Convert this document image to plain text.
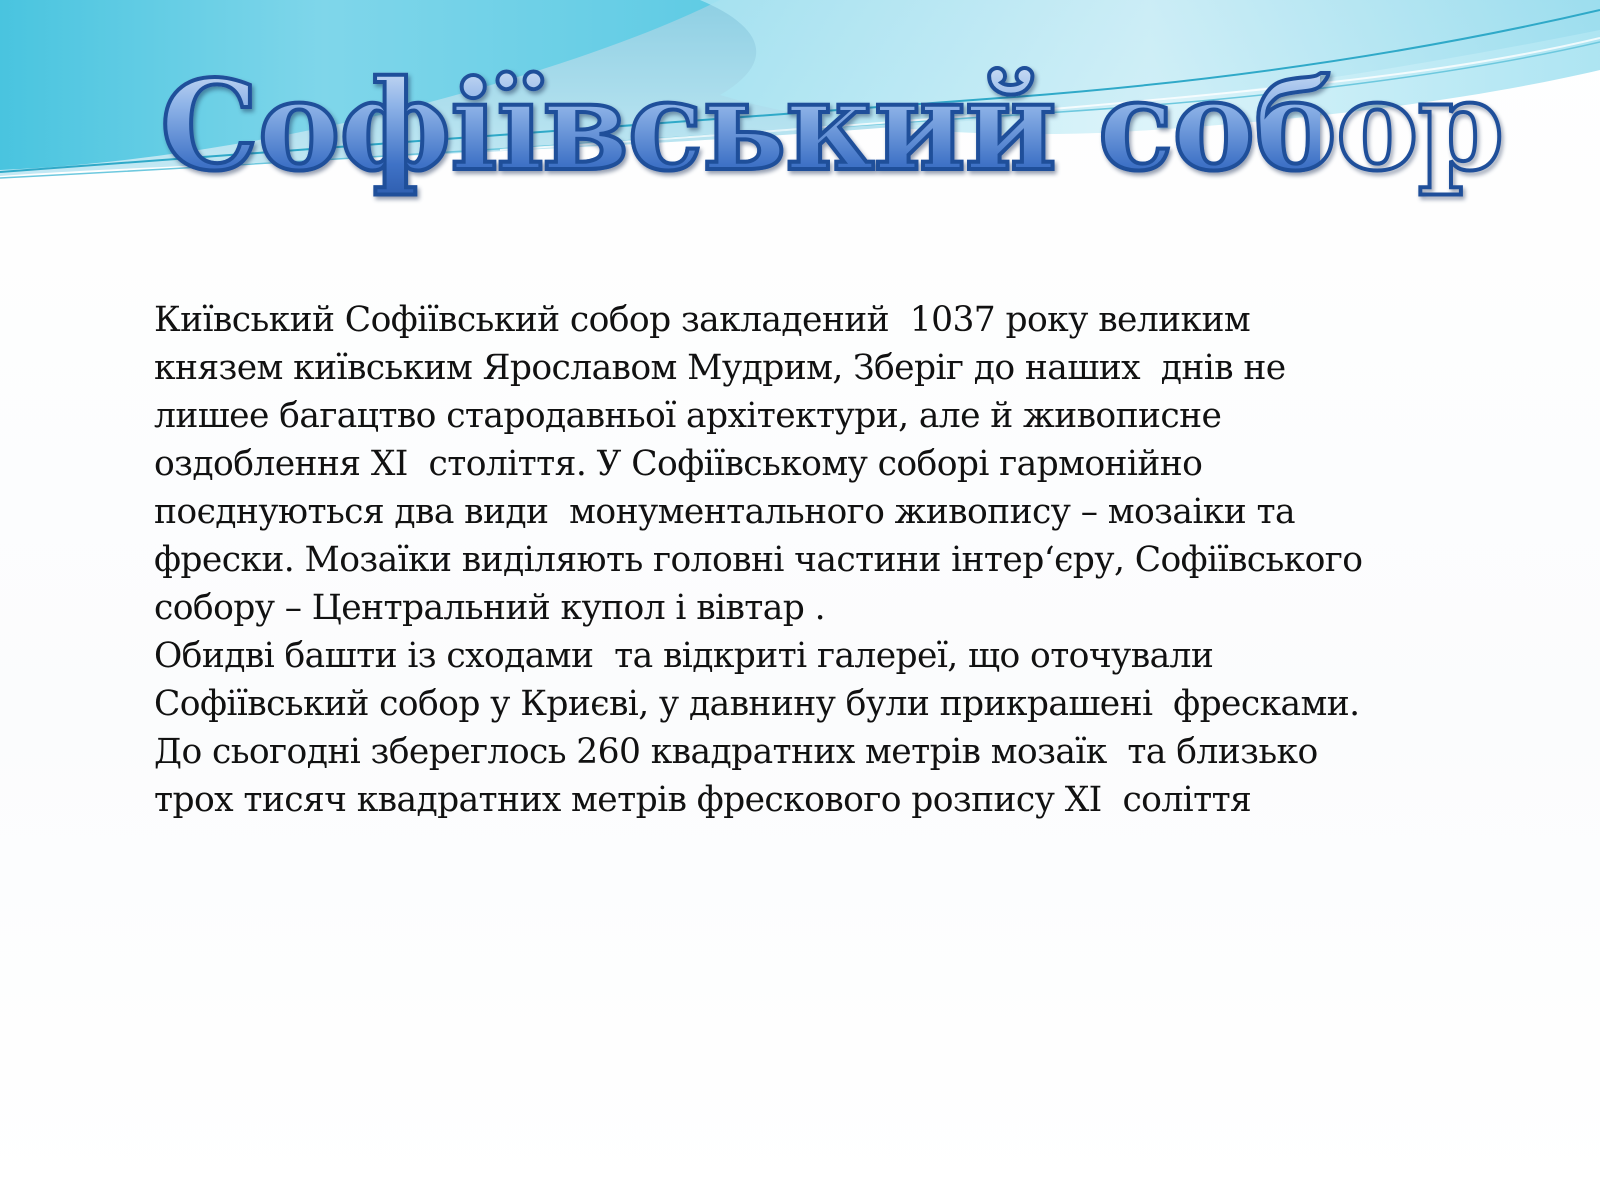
Софіївський собор

Київський Софіївський собор закладений  1037 року великим
князем київським Ярославом Мудрим, Зберіг до наших  днів не
лишее багацтво стародавньої архітектури, але й живописне
оздоблення ХІ  століття. У Софіївському соборі гармонійно
поєднуються два види  монументального живопису – мозаіки та
фрески. Мозаїки виділяють головні частини інтер‘єру, Софіївського
собору – Центральний купол і вівтар .

Обидві башти із сходами  та відкриті галереї, що оточували
Софіївський собор у Криєві, у давнину були прикрашені  фресками.
До сьогодні збереглось 260 квадратних метрів мозаїк  та близько
трох тисяч квадратних метрів фрескового розпису ХІ  соліття
